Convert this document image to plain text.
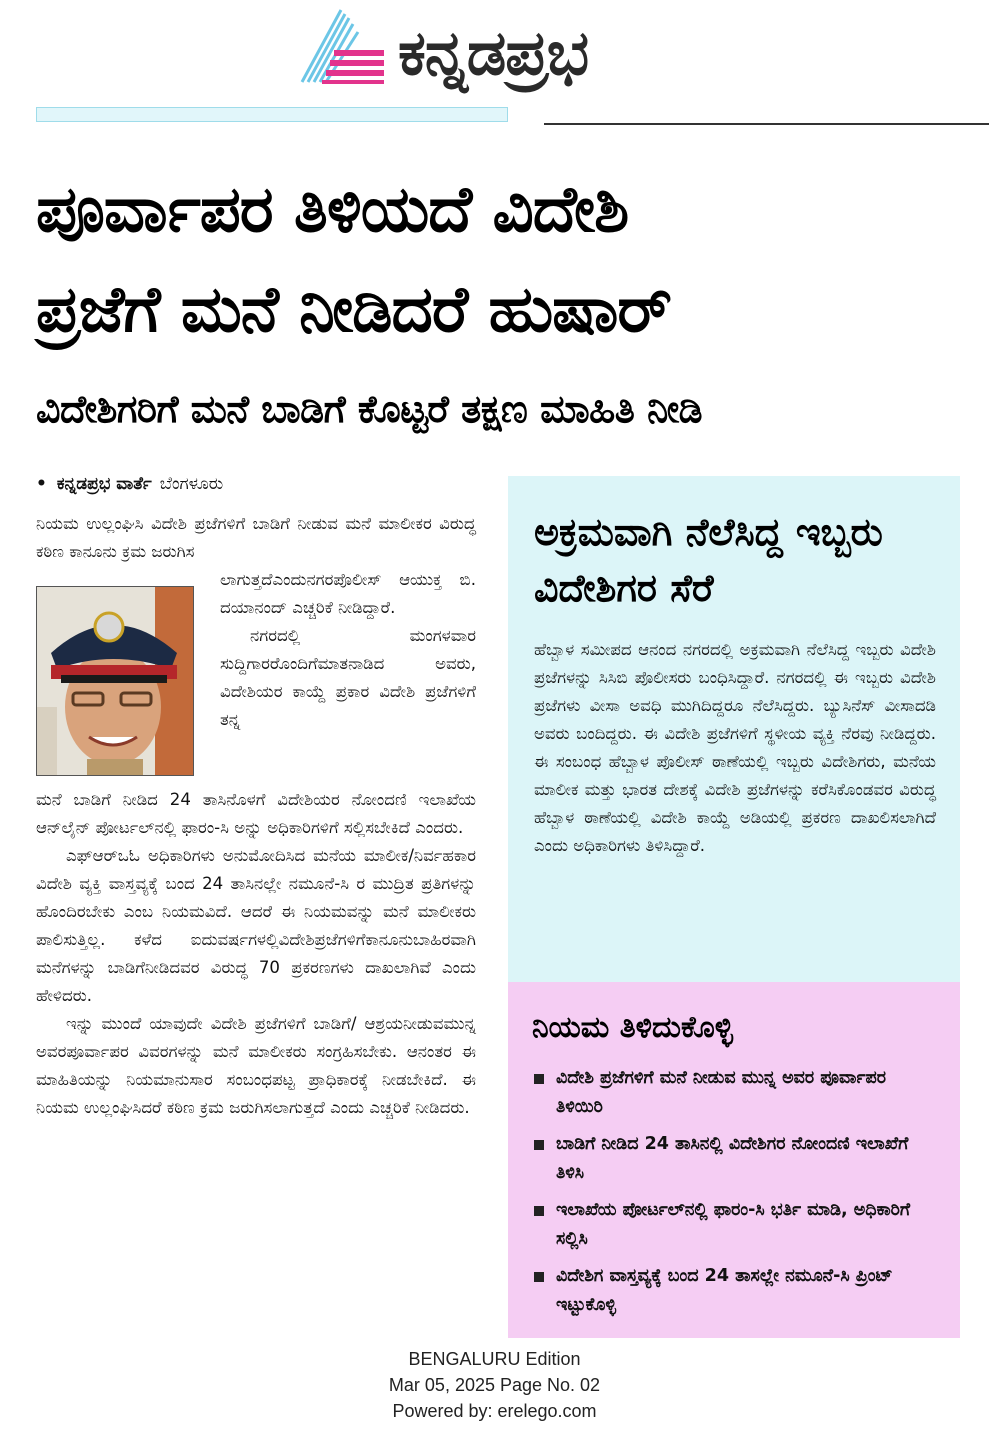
ಕನ್ನಡಪ್ರಭ
ಪೂರ್ವಾಪರ ತಿಳಿಯದೆ ವಿದೇಶಿ
ಪ್ರಜೆಗೆ ಮನೆ ನೀಡಿದರೆ ಹುಷಾರ್
ವಿದೇಶಿಗರಿಗೆ ಮನೆ ಬಾಡಿಗೆ ಕೊಟ್ಟರೆ ತಕ್ಷಣ ಮಾಹಿತಿ ನೀಡಿ
• ಕನ್ನಡಪ್ರಭ ವಾರ್ತೆ ಬೆಂಗಳೂರು

ನಿಯಮ ಉಲ್ಲಂಘಿಸಿ ವಿದೇಶಿ ಪ್ರಜೆಗಳಿಗೆ ಬಾಡಿಗೆ ನೀಡುವ ಮನೆ ಮಾಲೀಕರ ವಿರುದ್ಧ ಕಠಿಣ ಕಾನೂನು ಕ್ರಮ ಜರುಗಿಸ

ಲಾಗುತ್ತದೆಎಂದುನಗರಪೊಲೀಸ್ ಆಯುಕ್ತ ಬಿ. ದಯಾನಂದ್ ಎಚ್ಚರಿಕೆ ನೀಡಿದ್ದಾರೆ.
ನಗರದಲ್ಲಿ ಮಂಗಳವಾರ ಸುದ್ದಿಗಾರರೊಂದಿಗೆಮಾತನಾಡಿದ ಅವರು, ವಿದೇಶಿಯರ ಕಾಯ್ದೆ ಪ್ರಕಾರ ವಿದೇಶಿ ಪ್ರಜೆಗಳಿಗೆ ತನ್ನ

ಮನೆ ಬಾಡಿಗೆ ನೀಡಿದ 24 ತಾಸಿನೊಳಗೆ ವಿದೇಶಿಯರ ನೋಂದಣಿ ಇಲಾಖೆಯ ಆನ್‌ಲೈನ್ ಪೋರ್ಟಲ್‌ನಲ್ಲಿ ಫಾರಂ-ಸಿ ಅನ್ನು ಅಧಿಕಾರಿಗಳಿಗೆ ಸಲ್ಲಿಸಬೇಕಿದೆ ಎಂದರು.

ಎಫ್‌ಆರ್‌ಒಓ ಅಧಿಕಾರಿಗಳು ಅನುಮೋದಿಸಿದ ಮನೆಯ ಮಾಲೀಕ/ನಿರ್ವಹಕಾರ ವಿದೇಶಿ ವ್ಯಕ್ತಿ ವಾಸ್ತವ್ಯಕ್ಕೆ ಬಂದ 24 ತಾಸಿನಲ್ಲೇ ನಮೂನೆ-ಸಿ ರ ಮುದ್ರಿತ ಪ್ರತಿಗಳನ್ನು ಹೊಂದಿರಬೇಕು ಎಂಬ ನಿಯಮವಿದೆ. ಆದರೆ ಈ ನಿಯಮವನ್ನು ಮನೆ ಮಾಲೀಕರು ಪಾಲಿಸುತ್ತಿಲ್ಲ. ಕಳೆದ ಐದುವರ್ಷಗಳಲ್ಲಿವಿದೇಶಿಪ್ರಜೆಗಳಿಗೆಕಾನೂನುಬಾಹಿರವಾಗಿ ಮನೆಗಳನ್ನು ಬಾಡಿಗೆನೀಡಿದವರ ವಿರುದ್ಧ 70 ಪ್ರಕರಣಗಳು ದಾಖಲಾಗಿವೆ ಎಂದು ಹೇಳಿದರು.

ಇನ್ನು ಮುಂದೆ ಯಾವುದೇ ವಿದೇಶಿ ಪ್ರಜೆಗಳಿಗೆ ಬಾಡಿಗೆ/ ಆಶ್ರಯನೀಡುವಮುನ್ನ ಅವರಪೂರ್ವಾಪರ ವಿವರಗಳನ್ನು ಮನೆ ಮಾಲೀಕರು ಸಂಗ್ರಹಿಸಬೇಕು. ಆನಂತರ ಈ ಮಾಹಿತಿಯನ್ನು ನಿಯಮಾನುಸಾರ ಸಂಬಂಧಪಟ್ಟ ಪ್ರಾಧಿಕಾರಕ್ಕೆ ನೀಡಬೇಕಿದೆ. ಈ ನಿಯಮ ಉಲ್ಲಂಘಿಸಿದರೆ ಕಠಿಣ ಕ್ರಮ ಜರುಗಿಸಲಾಗುತ್ತದೆ ಎಂದು ಎಚ್ಚರಿಕೆ ನೀಡಿದರು.

ಅಕ್ರಮವಾಗಿ ನೆಲೆಸಿದ್ದ ಇಬ್ಬರು ವಿದೇಶಿಗರ ಸೆರೆ
ಹೆಬ್ಬಾಳ ಸಮೀಪದ ಆನಂದ ನಗರದಲ್ಲಿ ಅಕ್ರಮವಾಗಿ ನೆಲೆಸಿದ್ದ ಇಬ್ಬರು ವಿದೇಶಿ ಪ್ರಜೆಗಳನ್ನು ಸಿಸಿಬಿ ಪೊಲೀಸರು ಬಂಧಿಸಿದ್ದಾರೆ. ನಗರದಲ್ಲಿ ಈ ಇಬ್ಬರು ವಿದೇಶಿ ಪ್ರಜೆಗಳು ವೀಸಾ ಅವಧಿ ಮುಗಿದಿದ್ದರೂ ನೆಲೆಸಿದ್ದರು. ಬ್ಯುಸಿನೆಸ್ ವೀಸಾದಡಿ ಅವರು ಬಂದಿದ್ದರು. ಈ ವಿದೇಶಿ ಪ್ರಜೆಗಳಿಗೆ ಸ್ಥಳೀಯ ವ್ಯಕ್ತಿ ನೆರವು ನೀಡಿದ್ದರು. ಈ ಸಂಬಂಧ ಹೆಬ್ಬಾಳ ಪೊಲೀಸ್ ಠಾಣೆಯಲ್ಲಿ ಇಬ್ಬರು ವಿದೇಶಿಗರು, ಮನೆಯ ಮಾಲೀಕ ಮತ್ತು ಭಾರತ ದೇಶಕ್ಕೆ ವಿದೇಶಿ ಪ್ರಜೆಗಳನ್ನು ಕರೆಸಿಕೊಂಡವರ ವಿರುದ್ಧ ಹೆಬ್ಬಾಳ ಠಾಣೆಯಲ್ಲಿ ವಿದೇಶಿ ಕಾಯ್ದೆ ಅಡಿಯಲ್ಲಿ ಪ್ರಕರಣ ದಾಖಲಿಸಲಾಗಿದೆ ಎಂದು ಅಧಿಕಾರಿಗಳು ತಿಳಿಸಿದ್ದಾರೆ.
ನಿಯಮ ತಿಳಿದುಕೊಳ್ಳಿ
ವಿದೇಶಿ ಪ್ರಜೆಗಳಿಗೆ ಮನೆ ನೀಡುವ ಮುನ್ನ ಅವರ ಪೂರ್ವಾಪರ ತಿಳಿಯಿರಿ
ಬಾಡಿಗೆ ನೀಡಿದ 24 ತಾಸಿನಲ್ಲಿ ವಿದೇಶಿಗರ ನೋಂದಣಿ ಇಲಾಖೆಗೆ ತಿಳಿಸಿ
ಇಲಾಖೆಯ ಪೋರ್ಟಲ್‌ನಲ್ಲಿ ಫಾರಂ-ಸಿ ಭರ್ತಿ ಮಾಡಿ, ಅಧಿಕಾರಿಗೆ ಸಲ್ಲಿಸಿ
ವಿದೇಶಿಗ ವಾಸ್ತವ್ಯಕ್ಕೆ ಬಂದ 24 ತಾಸಲ್ಲೇ ನಮೂನೆ-ಸಿ ಪ್ರಿಂಟ್ ಇಟ್ಟುಕೊಳ್ಳಿ
BENGALURU Edition
Mar 05, 2025 Page No. 02
Powered by: erelego.com
